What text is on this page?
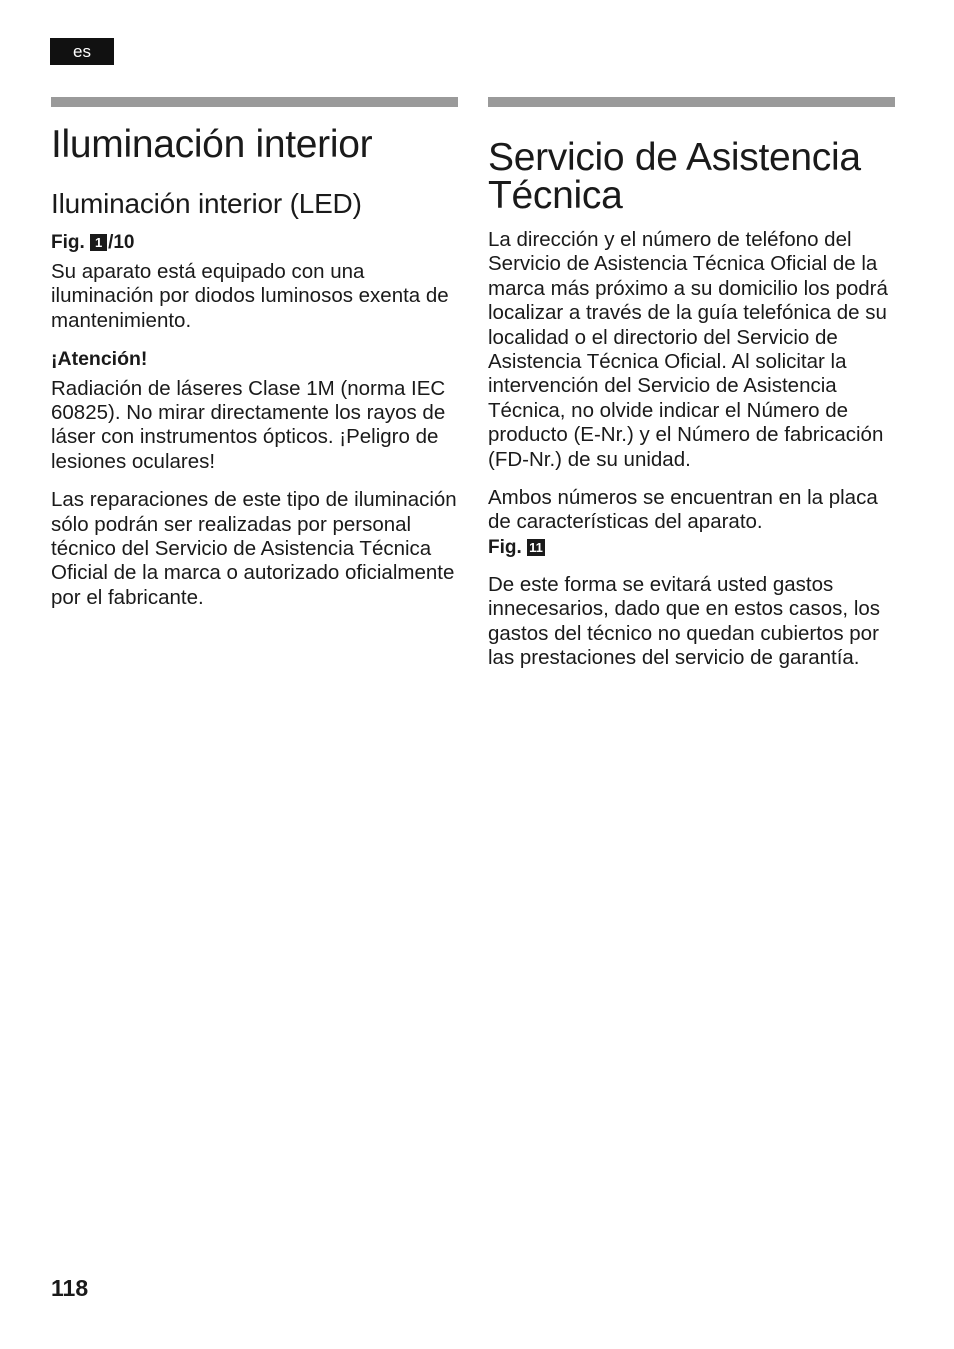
es
Iluminación interior
Iluminación interior (LED)
Fig. 1 /10

Su aparato está equipado con una iluminación por diodos luminosos exenta de mantenimiento.

¡Atención!

Radiación de láseres Clase 1M (norma IEC 60825). No mirar directamente los rayos de láser con instrumentos ópticos. ¡Peligro de lesiones oculares!

Las reparaciones de este tipo de iluminación sólo podrán ser realizadas por personal técnico del Servicio de Asistencia Técnica Oficial de la marca o autorizado oficialmente por el fabricante.

Servicio de Asistencia
Técnica

La dirección y el número de teléfono del Servicio de Asistencia Técnica Oficial de la marca más próximo a su domicilio los podrá localizar a través de la guía telefónica de su localidad o el directorio del Servicio de Asistencia Técnica Oficial. Al solicitar la intervención del Servicio de Asistencia Técnica, no olvide indicar el Número de producto (E-Nr.) y el Número de fabricación (FD-Nr.) de su unidad.

Ambos números se encuentran en la placa de características del aparato.

Fig. 11

De este forma se evitará usted gastos innecesarios, dado que en estos casos, los gastos del técnico no quedan cubiertos por las prestaciones del servicio de garantía.

118
